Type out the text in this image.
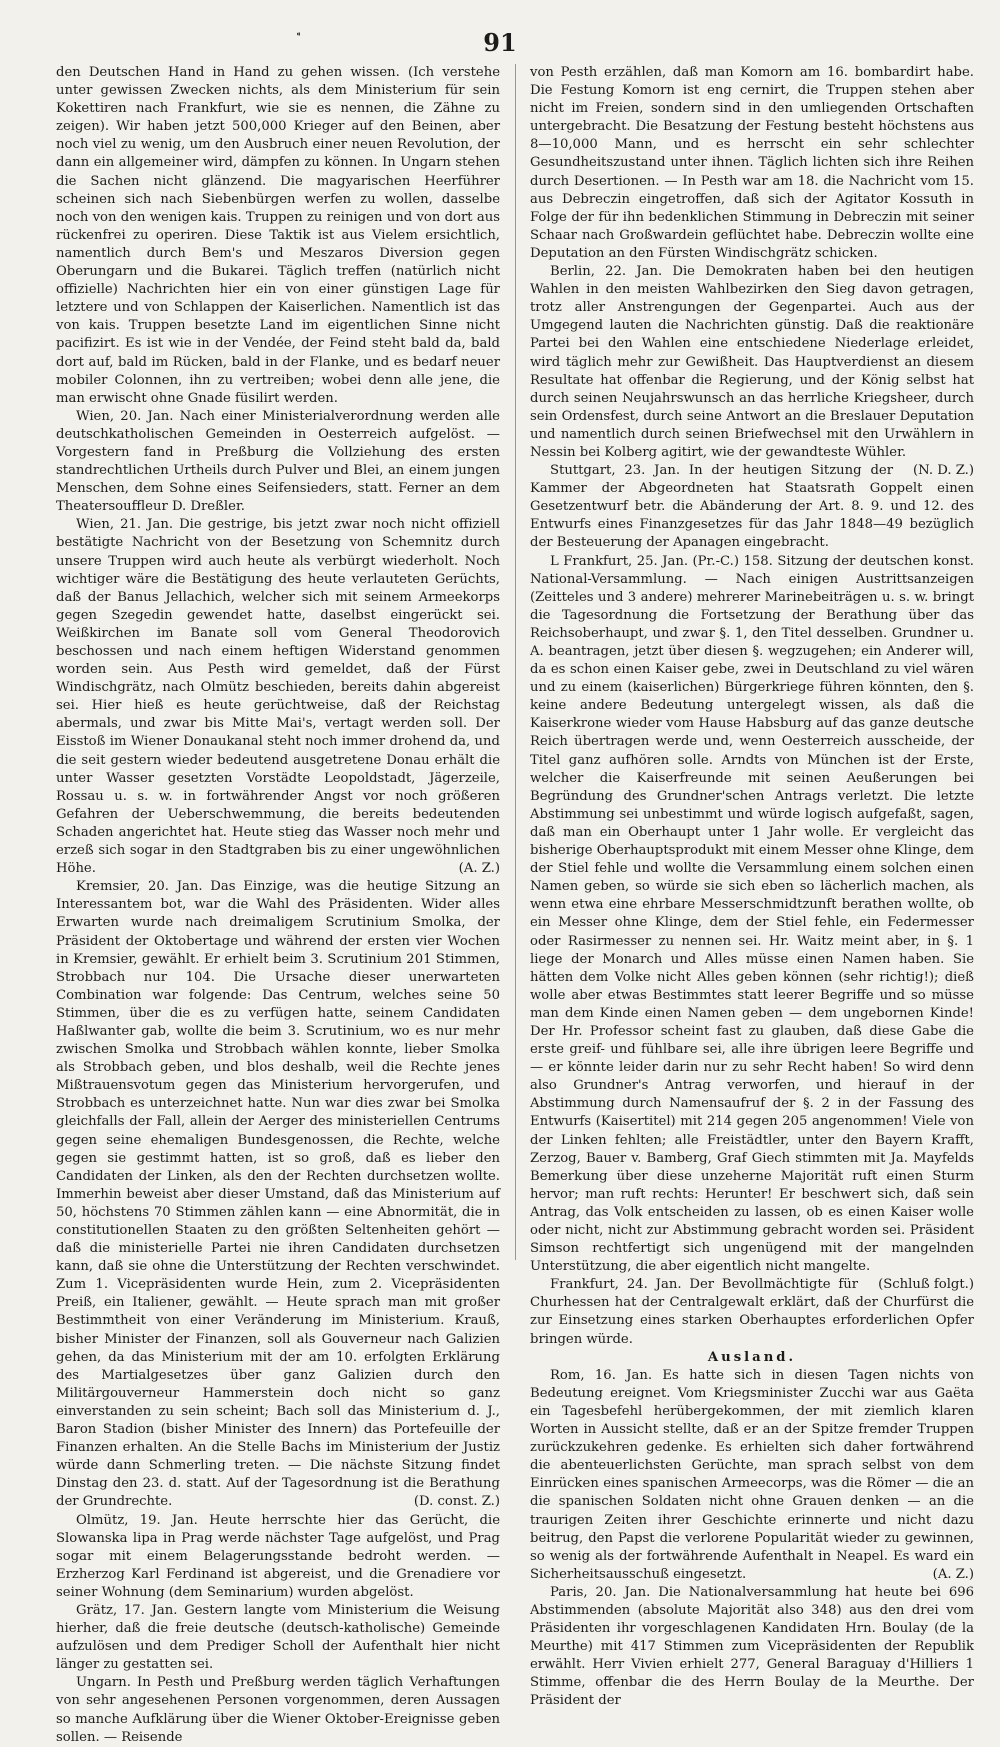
91
⁌

den Deutschen Hand in Hand zu gehen wissen. (Ich verstehe unter gewissen Zwecken nichts, als dem Ministerium für sein Kokettiren nach Frankfurt, wie sie es nennen, die Zähne zu zeigen). Wir haben jetzt 500,000 Krieger auf den Beinen, aber noch viel zu wenig, um den Ausbruch einer neuen Revolution, der dann ein allgemeiner wird, dämpfen zu können. In Ungarn stehen die Sachen nicht glänzend. Die magyarischen Heerführer scheinen sich nach Siebenbürgen werfen zu wollen, dasselbe noch von den wenigen kais. Truppen zu reinigen und von dort aus rückenfrei zu operiren. Diese Taktik ist aus Vielem ersichtlich, namentlich durch Bem's und Meszaros Diversion gegen Oberungarn und die Bukarei. Täglich treffen (natürlich nicht offizielle) Nachrichten hier ein von einer günstigen Lage für letztere und von Schlappen der Kaiserlichen. Namentlich ist das von kais. Truppen besetzte Land im eigentlichen Sinne nicht pacifizirt. Es ist wie in der Vendée, der Feind steht bald da, bald dort auf, bald im Rücken, bald in der Flanke, und es bedarf neuer mobiler Colonnen, ihn zu vertreiben; wobei denn alle jene, die man erwischt ohne Gnade füsilirt werden.

Wien, 20. Jan. Nach einer Ministerialverordnung werden alle deutschkatholischen Gemeinden in Oesterreich aufgelöst. — Vorgestern fand in Preßburg die Vollziehung des ersten standrechtlichen Urtheils durch Pulver und Blei, an einem jungen Menschen, dem Sohne eines Seifensieders, statt. Ferner an dem Theatersouffleur D. Dreßler.

Wien, 21. Jan. Die gestrige, bis jetzt zwar noch nicht offiziell bestätigte Nachricht von der Besetzung von Schemnitz durch unsere Truppen wird auch heute als verbürgt wiederholt. Noch wichtiger wäre die Bestätigung des heute verlauteten Gerüchts, daß der Banus Jellachich, welcher sich mit seinem Armeekorps gegen Szegedin gewendet hatte, daselbst eingerückt sei. Weißkirchen im Banate soll vom General Theodorovich beschossen und nach einem heftigen Widerstand genommen worden sein. Aus Pesth wird gemeldet, daß der Fürst Windischgrätz, nach Olmütz beschieden, bereits dahin abgereist sei. Hier hieß es heute gerüchtweise, daß der Reichstag abermals, und zwar bis Mitte Mai's, vertagt werden soll. Der Eisstoß im Wiener Donaukanal steht noch immer drohend da, und die seit gestern wieder bedeutend ausgetretene Donau erhält die unter Wasser gesetzten Vorstädte Leopoldstadt, Jägerzeile, Rossau u. s. w. in fortwährender Angst vor noch größeren Gefahren der Ueberschwemmung, die bereits bedeutenden Schaden angerichtet hat. Heute stieg das Wasser noch mehr und erzeß sich sogar in den Stadtgraben bis zu einer ungewöhnlichen Höhe.	(A. Z.)

Kremsier, 20. Jan. Das Einzige, was die heutige Sitzung an Interessantem bot, war die Wahl des Präsidenten. Wider alles Erwarten wurde nach dreimaligem Scrutinium Smolka, der Präsident der Oktobertage und während der ersten vier Wochen in Kremsier, gewählt. Er erhielt beim 3. Scrutinium 201 Stimmen, Strobbach nur 104. Die Ursache dieser unerwarteten Combination war folgende: Das Centrum, welches seine 50 Stimmen, über die es zu verfügen hatte, seinem Candidaten Haßlwanter gab, wollte die beim 3. Scrutinium, wo es nur mehr zwischen Smolka und Strobbach wählen konnte, lieber Smolka als Strobbach geben, und blos deshalb, weil die Rechte jenes Mißtrauensvotum gegen das Ministerium hervorgerufen, und Strobbach es unterzeichnet hatte. Nun war dies zwar bei Smolka gleichfalls der Fall, allein der Aerger des ministeriellen Centrums gegen seine ehemaligen Bundesgenossen, die Rechte, welche gegen sie gestimmt hatten, ist so groß, daß es lieber den Candidaten der Linken, als den der Rechten durchsetzen wollte. Immerhin beweist aber dieser Umstand, daß das Ministerium auf 50, höchstens 70 Stimmen zählen kann — eine Abnormität, die in constitutionellen Staaten zu den größten Seltenheiten gehört — daß die ministerielle Partei nie ihren Candidaten durchsetzen kann, daß sie ohne die Unterstützung der Rechten verschwindet. Zum 1. Vicepräsidenten wurde Hein, zum 2. Vicepräsidenten Preiß, ein Italiener, gewählt. — Heute sprach man mit großer Bestimmtheit von einer Veränderung im Ministerium. Krauß, bisher Minister der Finanzen, soll als Gouverneur nach Galizien gehen, da das Ministerium mit der am 10. erfolgten Erklärung des Martialgesetzes über ganz Galizien durch den Militärgouverneur Hammerstein doch nicht so ganz einverstanden zu sein scheint; Bach soll das Ministerium d. J., Baron Stadion (bisher Minister des Innern) das Portefeuille der Finanzen erhalten. An die Stelle Bachs im Ministerium der Justiz würde dann Schmerling treten. — Die nächste Sitzung findet Dinstag den 23. d. statt. Auf der Tagesordnung ist die Berathung der Grundrechte.	(D. const. Z.)

Olmütz, 19. Jan. Heute herrschte hier das Gerücht, die Slowanska lipa in Prag werde nächster Tage aufgelöst, und Prag sogar mit einem Belagerungsstande bedroht werden. — Erzherzog Karl Ferdinand ist abgereist, und die Grenadiere vor seiner Wohnung (dem Seminarium) wurden abgelöst.

Grätz, 17. Jan. Gestern langte vom Ministerium die Weisung hierher, daß die freie deutsche (deutsch-katholische) Gemeinde aufzulösen und dem Prediger Scholl der Aufenthalt hier nicht länger zu gestatten sei.

Ungarn. In Pesth und Preßburg werden täglich Verhaftungen von sehr angesehenen Personen vorgenommen, deren Aussagen so manche Aufklärung über die Wiener Oktober-Ereignisse geben sollen. — Reisende

von Pesth erzählen, daß man Komorn am 16. bombardirt habe. Die Festung Komorn ist eng cernirt, die Truppen stehen aber nicht im Freien, sondern sind in den umliegenden Ortschaften untergebracht. Die Besatzung der Festung besteht höchstens aus 8—10,000 Mann, und es herrscht ein sehr schlechter Gesundheitszustand unter ihnen. Täglich lichten sich ihre Reihen durch Desertionen. — In Pesth war am 18. die Nachricht vom 15. aus Debreczin eingetroffen, daß sich der Agitator Kossuth in Folge der für ihn bedenklichen Stimmung in Debreczin mit seiner Schaar nach Großwardein geflüchtet habe. Debreczin wollte eine Deputation an den Fürsten Windischgrätz schicken.

Berlin, 22. Jan. Die Demokraten haben bei den heutigen Wahlen in den meisten Wahlbezirken den Sieg davon getragen, trotz aller Anstrengungen der Gegenpartei. Auch aus der Umgegend lauten die Nachrichten günstig. Daß die reaktionäre Partei bei den Wahlen eine entschiedene Niederlage erleidet, wird täglich mehr zur Gewißheit. Das Hauptverdienst an diesem Resultate hat offenbar die Regierung, und der König selbst hat durch seinen Neujahrswunsch an das herrliche Kriegsheer, durch sein Ordensfest, durch seine Antwort an die Breslauer Deputation und namentlich durch seinen Briefwechsel mit den Urwählern in Nessin bei Kolberg agitirt, wie der gewandteste Wühler.
(N. D. Z.)

Stuttgart, 23. Jan. In der heutigen Sitzung der Kammer der Abgeordneten hat Staatsrath Goppelt einen Gesetzentwurf betr. die Abänderung der Art. 8. 9. und 12. des Entwurfs eines Finanzgesetzes für das Jahr 1848—49 bezüglich der Besteuerung der Apanagen eingebracht.

L Frankfurt, 25. Jan. (Pr.-C.) 158. Sitzung der deutschen konst. National-Versammlung. — Nach einigen Austrittsanzeigen (Zeitteles und 3 andere) mehrerer Marinebeiträgen u. s. w. bringt die Tagesordnung die Fortsetzung der Berathung über das Reichsoberhaupt, und zwar §. 1, den Titel desselben. Grundner u. A. beantragen, jetzt über diesen §. wegzugehen; ein Anderer will, da es schon einen Kaiser gebe, zwei in Deutschland zu viel wären und zu einem (kaiserlichen) Bürgerkriege führen könnten, den §. keine andere Bedeutung untergelegt wissen, als daß die Kaiserkrone wieder vom Hause Habsburg auf das ganze deutsche Reich übertragen werde und, wenn Oesterreich ausscheide, der Titel ganz aufhören solle. Arndts von München ist der Erste, welcher die Kaiserfreunde mit seinen Aeußerungen bei Begründung des Grundner'schen Antrags verletzt. Die letzte Abstimmung sei unbestimmt und würde logisch aufgefaßt, sagen, daß man ein Oberhaupt unter 1 Jahr wolle. Er vergleicht das bisherige Oberhauptsprodukt mit einem Messer ohne Klinge, dem der Stiel fehle und wollte die Versammlung einem solchen einen Namen geben, so würde sie sich eben so lächerlich machen, als wenn etwa eine ehrbare Messerschmidtzunft berathen wollte, ob ein Messer ohne Klinge, dem der Stiel fehle, ein Federmesser oder Rasirmesser zu nennen sei. Hr. Waitz meint aber, in §. 1 liege der Monarch und Alles müsse einen Namen haben. Sie hätten dem Volke nicht Alles geben können (sehr richtig!); dieß wolle aber etwas Bestimmtes statt leerer Begriffe und so müsse man dem Kinde einen Namen geben — dem ungebornen Kinde! Der Hr. Professor scheint fast zu glauben, daß diese Gabe die erste greif- und fühlbare sei, alle ihre übrigen leere Begriffe und — er könnte leider darin nur zu sehr Recht haben! So wird denn also Grundner's Antrag verworfen, und hierauf in der Abstimmung durch Namensaufruf der §. 2 in der Fassung des Entwurfs (Kaisertitel) mit 214 gegen 205 angenommen! Viele von der Linken fehlten; alle Freistädtler, unter den Bayern Krafft, Zerzog, Bauer v. Bamberg, Graf Giech stimmten mit Ja. Mayfelds Bemerkung über diese unzeherne Majorität ruft einen Sturm hervor; man ruft rechts: Herunter! Er beschwert sich, daß sein Antrag, das Volk entscheiden zu lassen, ob es einen Kaiser wolle oder nicht, nicht zur Abstimmung gebracht worden sei. Präsident Simson rechtfertigt sich ungenügend mit der mangelnden Unterstützung, die aber eigentlich nicht mangelte.
(Schluß folgt.)

Frankfurt, 24. Jan. Der Bevollmächtigte für Churhessen hat der Centralgewalt erklärt, daß der Churfürst die zur Einsetzung eines starken Oberhauptes erforderlichen Opfer bringen würde.

Ausland.

Rom, 16. Jan. Es hatte sich in diesen Tagen nichts von Bedeutung ereignet. Vom Kriegsminister Zucchi war aus Gaëta ein Tagesbefehl herübergekommen, der mit ziemlich klaren Worten in Aussicht stellte, daß er an der Spitze fremder Truppen zurückzukehren gedenke. Es erhielten sich daher fortwährend die abenteuerlichsten Gerüchte, man sprach selbst von dem Einrücken eines spanischen Armeecorps, was die Römer — die an die spanischen Soldaten nicht ohne Grauen denken — an die traurigen Zeiten ihrer Geschichte erinnerte und nicht dazu beitrug, den Papst die verlorene Popularität wieder zu gewinnen, so wenig als der fortwährende Aufenthalt in Neapel. Es ward ein Sicherheitsausschuß eingesetzt.	(A. Z.)

Paris, 20. Jan. Die Nationalversammlung hat heute bei 696 Abstimmenden (absolute Majorität also 348) aus den drei vom Präsidenten ihr vorgeschlagenen Kandidaten Hrn. Boulay (de la Meurthe) mit 417 Stimmen zum Vicepräsidenten der Republik erwählt. Herr Vivien erhielt 277, General Baraguay d'Hilliers 1 Stimme, offenbar die des Herrn Boulay de la Meurthe. Der Präsident der
